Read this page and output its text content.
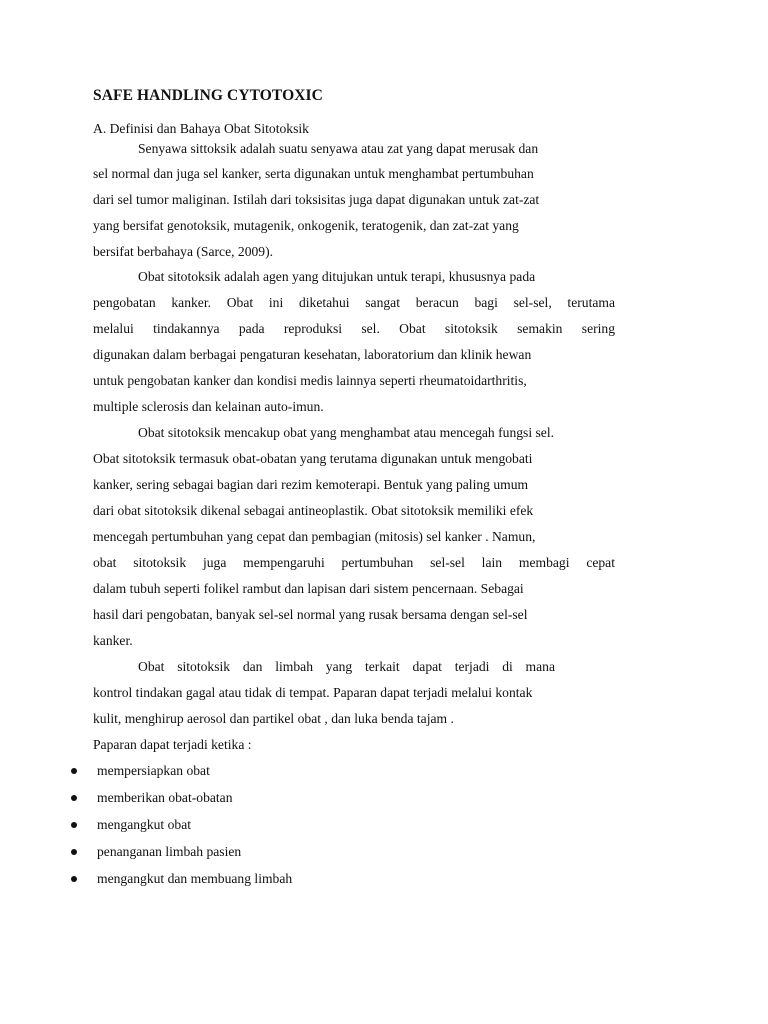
SAFE HANDLING CYTOTOXIC
A. Definisi dan Bahaya Obat Sitotoksik
Senyawa sittoksik adalah suatu senyawa atau zat yang dapat merusak dan
sel normal dan juga sel kanker, serta digunakan untuk menghambat pertumbuhan
dari sel tumor maliginan. Istilah dari toksisitas juga dapat digunakan untuk zat-zat
yang bersifat genotoksik, mutagenik, onkogenik, teratogenik, dan zat-zat yang
bersifat berbahaya (Sarce, 2009).
Obat sitotoksik adalah agen yang ditujukan untuk terapi, khususnya pada
pengobatan kanker. Obat ini diketahui sangat beracun bagi sel-sel, terutama
melalui tindakannya pada reproduksi sel. Obat sitotoksik semakin sering
digunakan dalam berbagai pengaturan kesehatan, laboratorium dan klinik hewan
untuk pengobatan kanker dan kondisi medis lainnya seperti rheumatoidarthritis,
multiple sclerosis dan kelainan auto-imun.
Obat sitotoksik mencakup obat yang menghambat atau mencegah fungsi sel.
Obat sitotoksik termasuk obat-obatan yang terutama digunakan untuk mengobati
kanker, sering sebagai bagian dari rezim kemoterapi. Bentuk yang paling umum
dari obat sitotoksik dikenal sebagai antineoplastik. Obat sitotoksik memiliki efek
mencegah pertumbuhan yang cepat dan pembagian (mitosis) sel kanker . Namun,
obat sitotoksik juga mempengaruhi pertumbuhan sel-sel lain membagi cepat
dalam tubuh seperti folikel rambut dan lapisan dari sistem pencernaan. Sebagai
hasil dari pengobatan, banyak sel-sel normal yang rusak bersama dengan sel-sel
kanker.
Obat sitotoksik dan limbah yang terkait dapat terjadi di mana
kontrol tindakan gagal atau tidak di tempat. Paparan dapat terjadi melalui kontak
kulit, menghirup aerosol dan partikel obat , dan luka benda tajam .
Paparan dapat terjadi ketika :
mempersiapkan obat
memberikan obat-obatan
mengangkut obat
penanganan limbah pasien
mengangkut dan membuang limbah
